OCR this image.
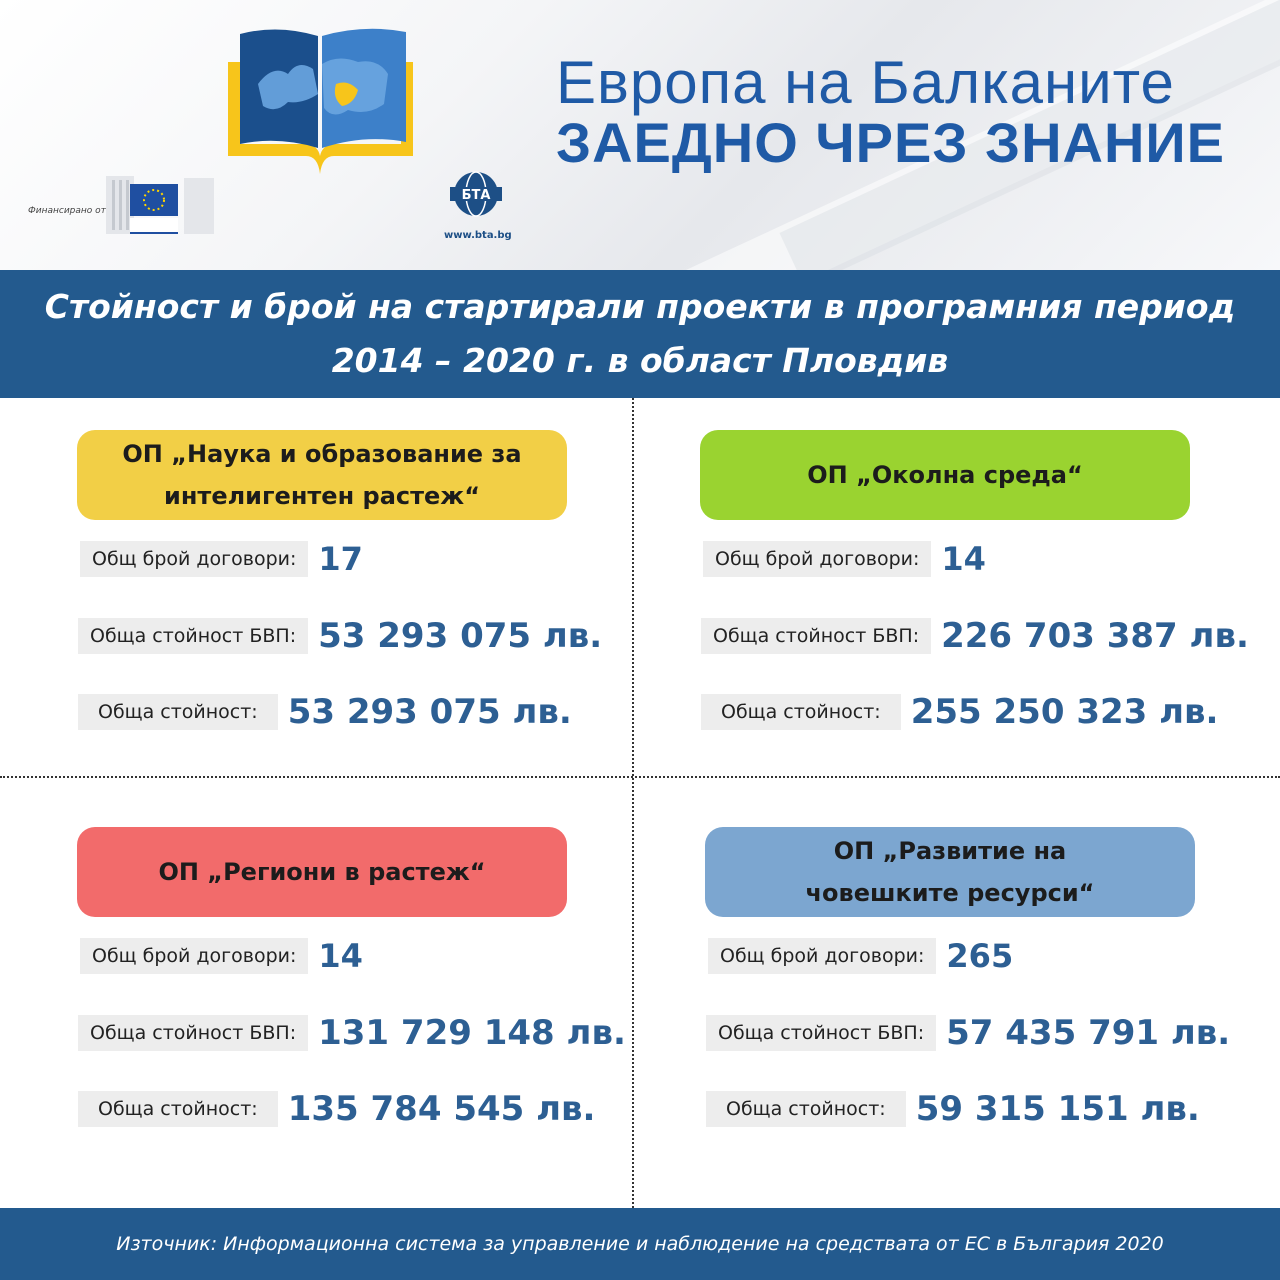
Финансирано от
БТА
www.bta.bg
Европа на Балканите
ЗАЕДНО ЧРЕЗ ЗНАНИЕ
Стойност и брой на стартирали проекти в програмния период
2014 – 2020 г. в област Пловдив
ОП „Наука и образование за
интелигентен растеж“
Общ брой договори: 17
Обща стойност БВП: 53 293 075 лв.
Обща стойност: 53 293 075 лв.
ОП „Околна среда“
Общ брой договори: 14
Обща стойност БВП: 226 703 387 лв.
Обща стойност: 255 250 323 лв.
ОП „Региони в растеж“
Общ брой договори: 14
Обща стойност БВП: 131 729 148 лв.
Обща стойност: 135 784 545 лв.
ОП „Развитие на
човешките ресурси“
Общ брой договори: 265
Обща стойност БВП: 57 435 791 лв.
Обща стойност: 59 315 151 лв.
Източник: Информационна система за управление и наблюдение на средствата от ЕС в България 2020
